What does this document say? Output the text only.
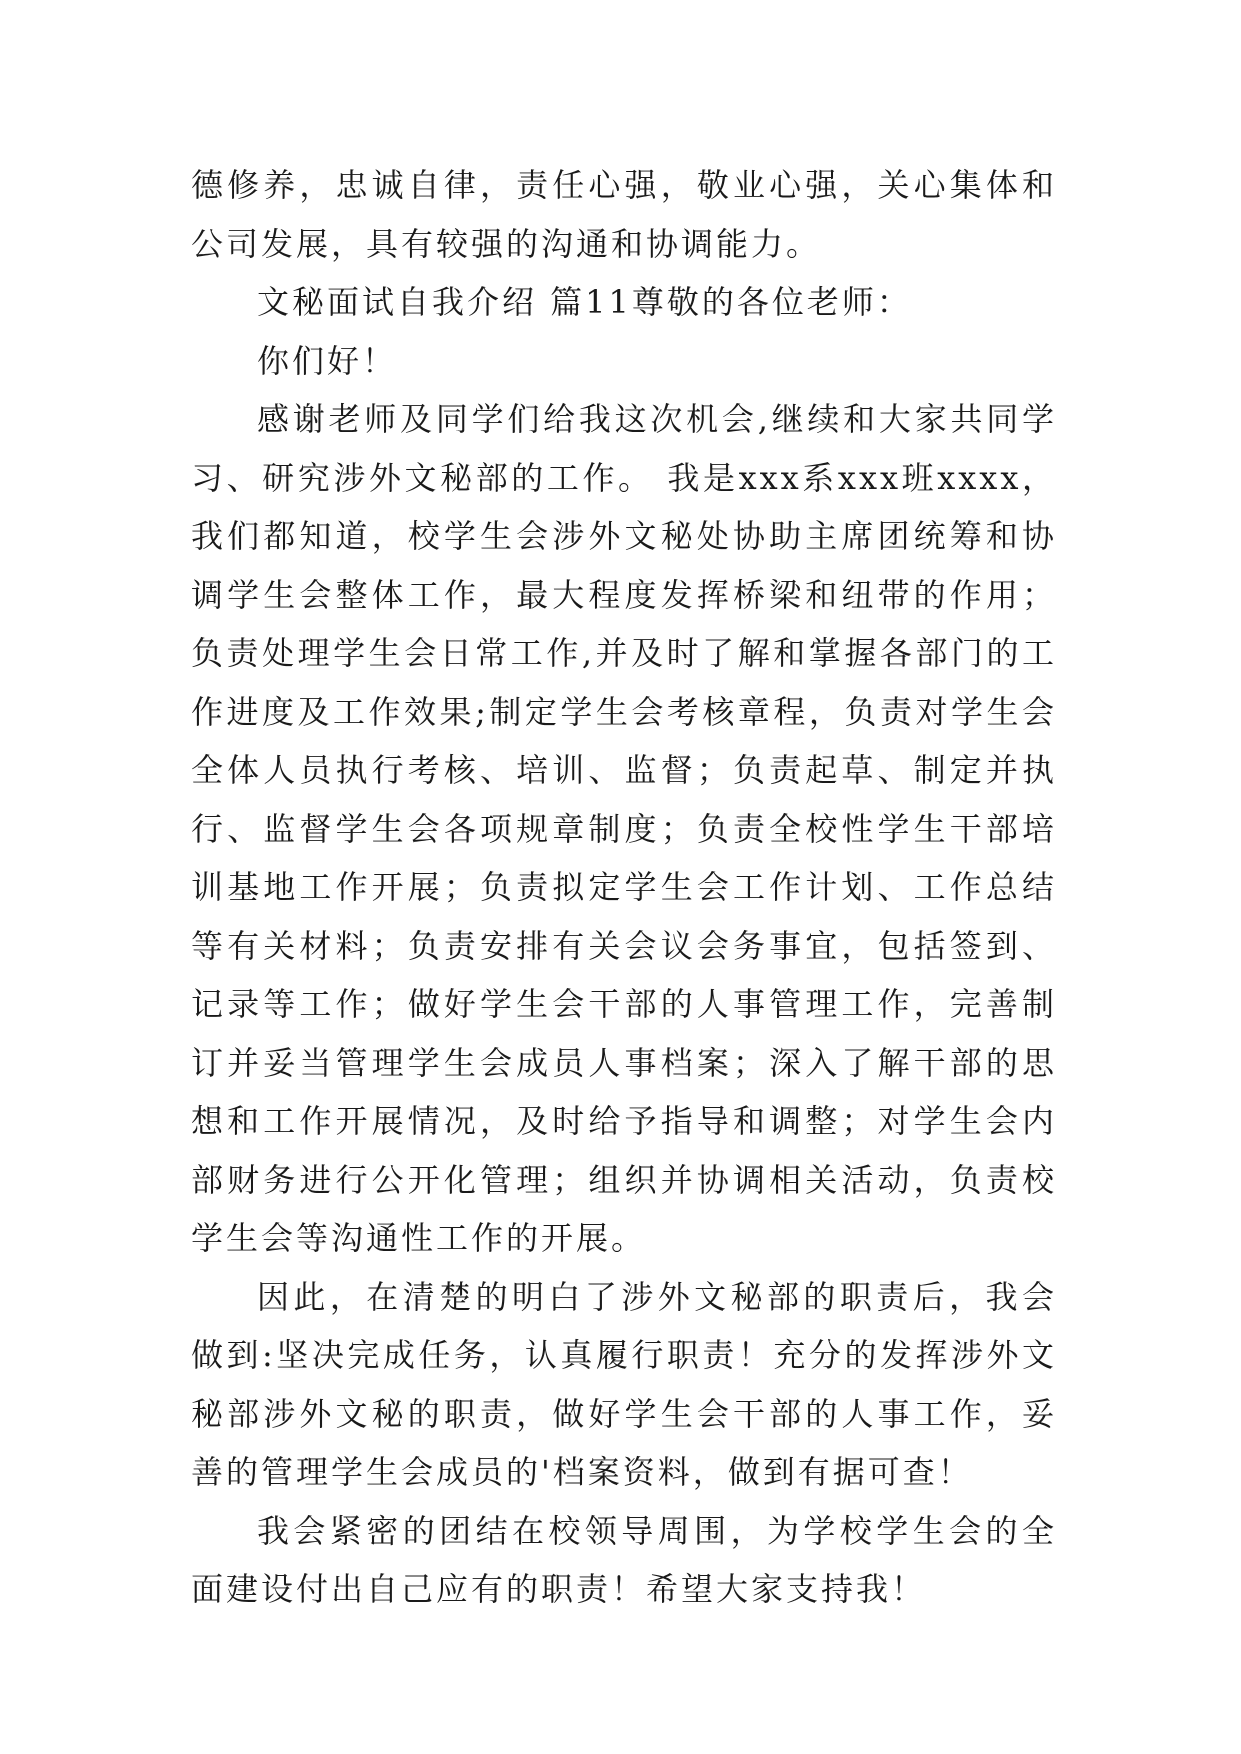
德修养，忠诚自律，责任心强，敬业心强，关心集体和公司发展，具有较强的沟通和协调能力。

文秘面试自我介绍 篇11尊敬的各位老师：

你们好！

感谢老师及同学们给我这次机会,继续和大家共同学习、研究涉外文秘部的工作。 我是xxx系xxx班xxxx，我们都知道，校学生会涉外文秘处协助主席团统筹和协调学生会整体工作，最大程度发挥桥梁和纽带的作用；负责处理学生会日常工作,并及时了解和掌握各部门的工作进度及工作效果;制定学生会考核章程，负责对学生会全体人员执行考核、培训、监督；负责起草、制定并执行、监督学生会各项规章制度；负责全校性学生干部培训基地工作开展；负责拟定学生会工作计划、工作总结等有关材料；负责安排有关会议会务事宜，包括签到、记录等工作；做好学生会干部的人事管理工作，完善制订并妥当管理学生会成员人事档案；深入了解干部的思想和工作开展情况，及时给予指导和调整；对学生会内部财务进行公开化管理；组织并协调相关活动，负责校学生会等沟通性工作的开展。

因此，在清楚的明白了涉外文秘部的职责后，我会做到:坚决完成任务，认真履行职责！充分的发挥涉外文秘部涉外文秘的职责，做好学生会干部的人事工作，妥善的管理学生会成员的'档案资料，做到有据可查！

我会紧密的团结在校领导周围，为学校学生会的全面建设付出自己应有的职责！希望大家支持我！
